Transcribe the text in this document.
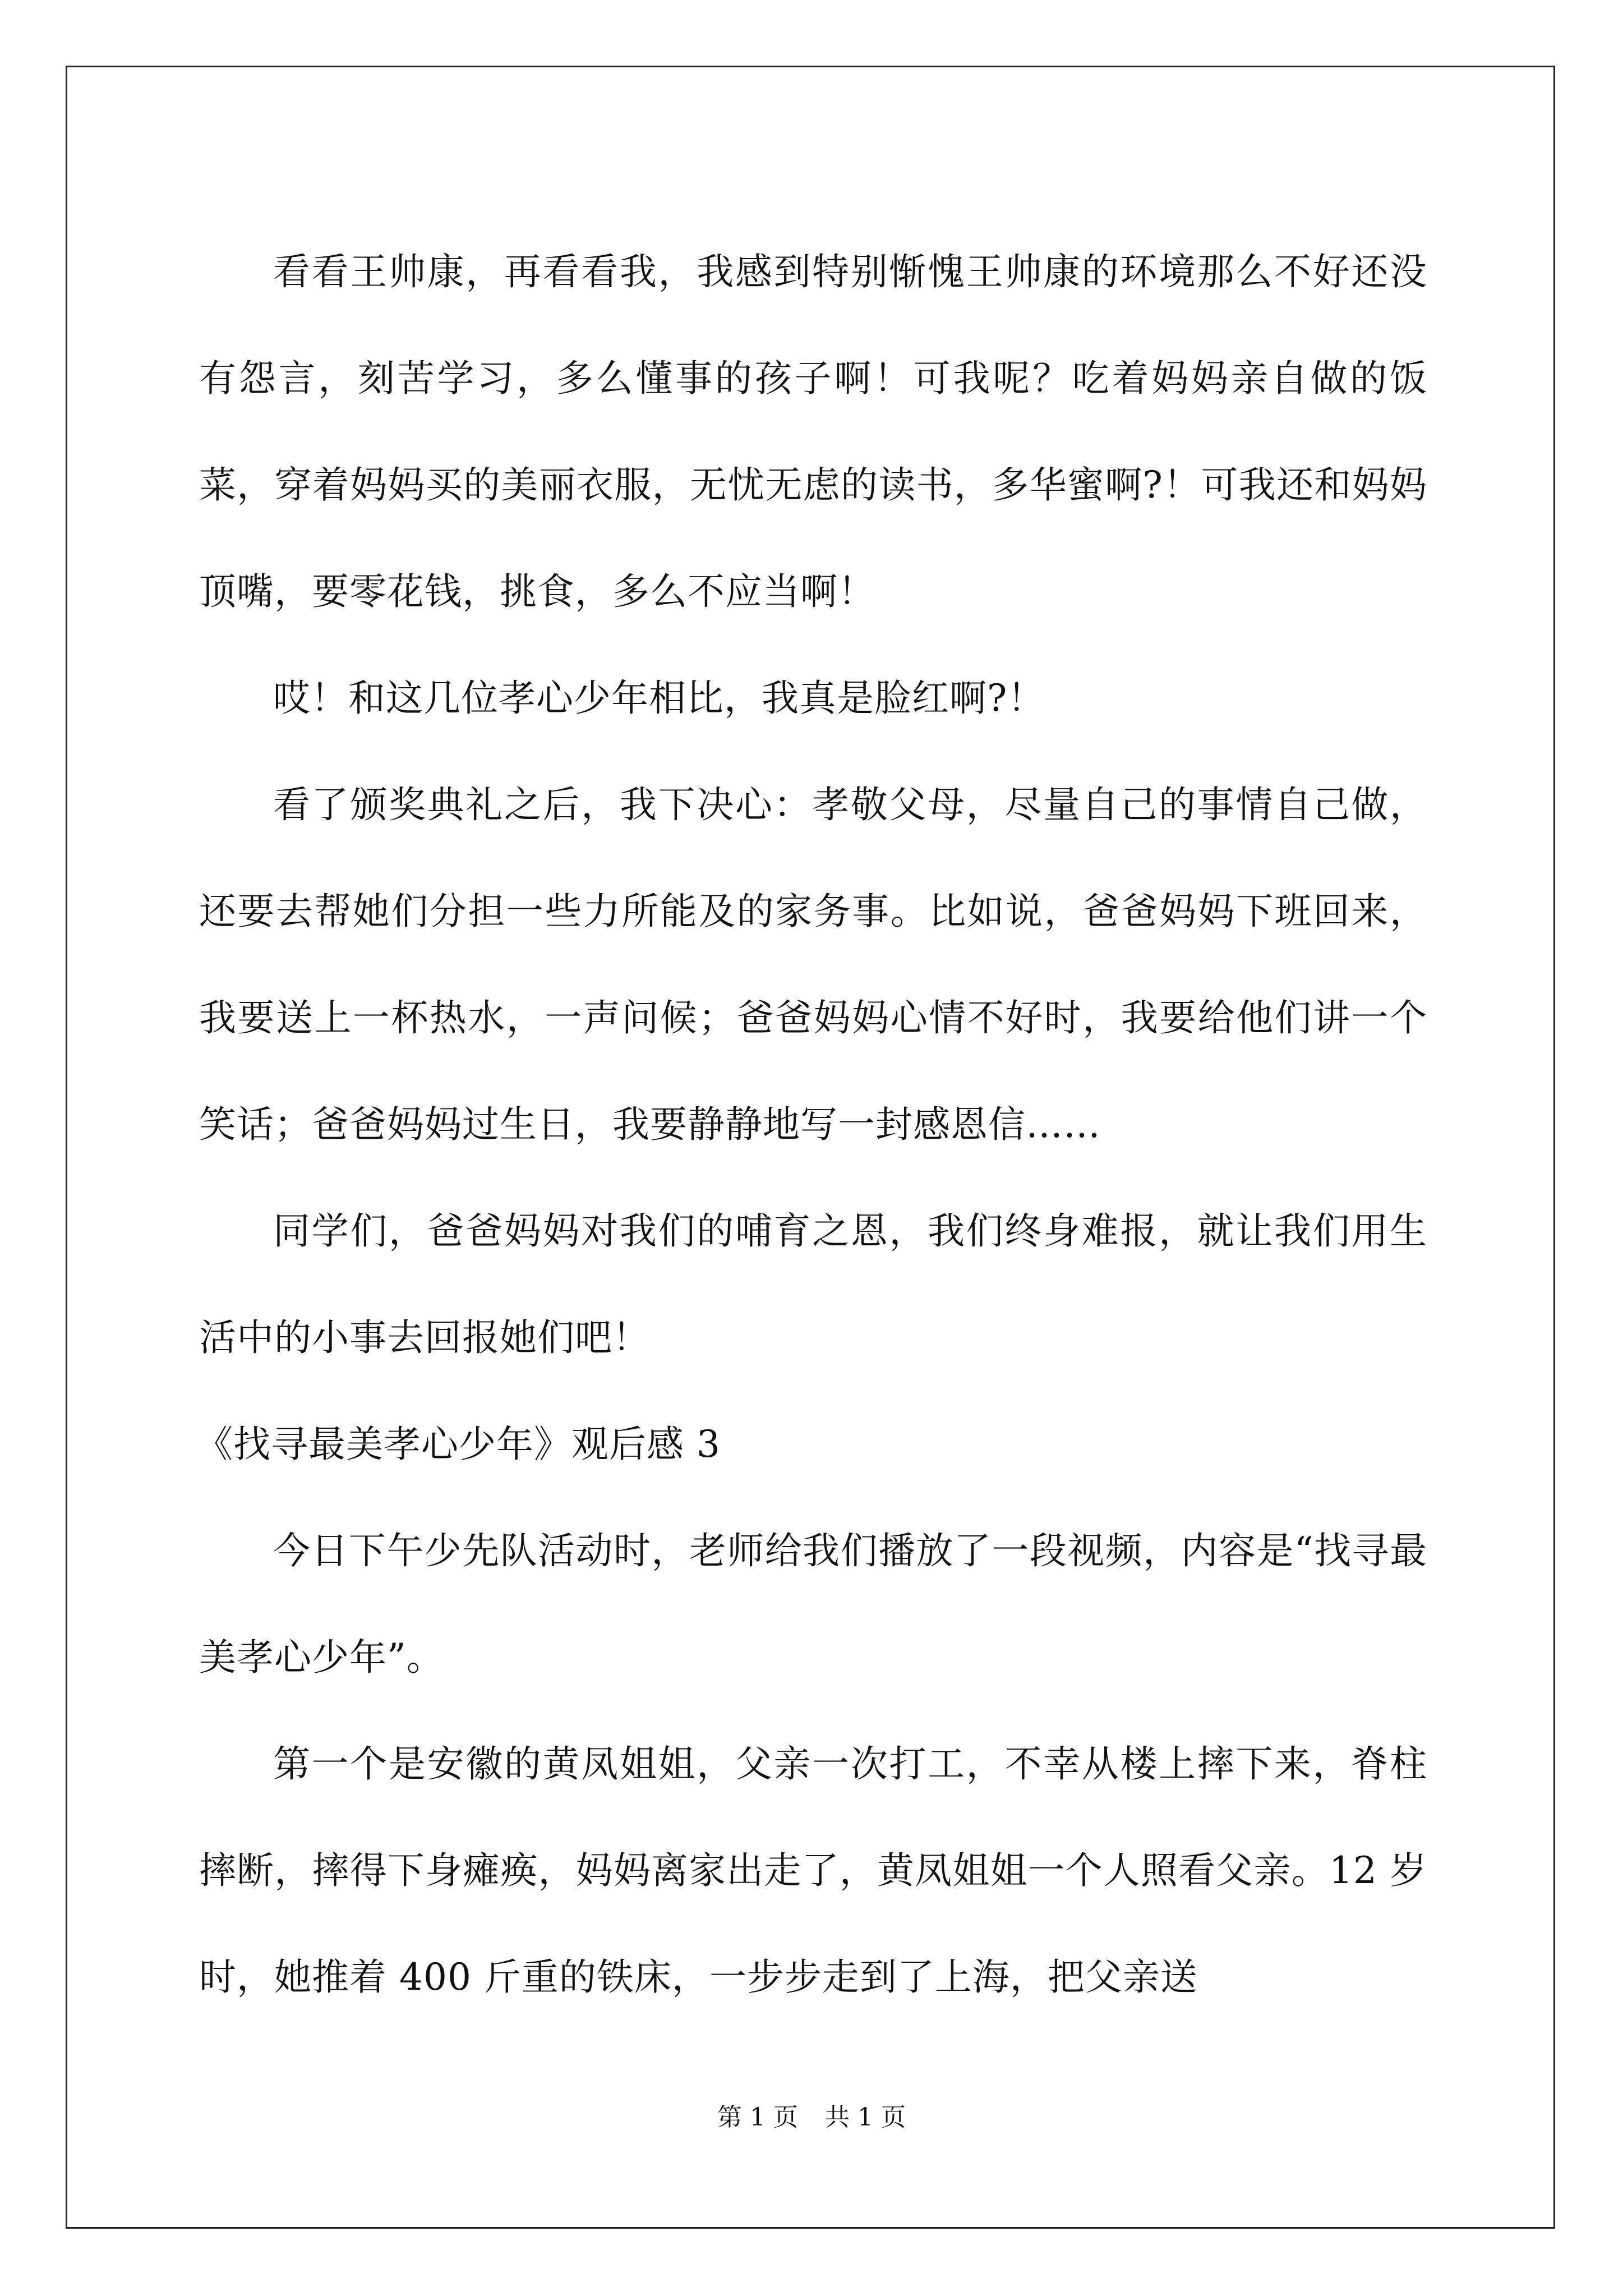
看看王帅康，再看看我，我感到特别惭愧王帅康的环境那么不好还没有怨言，刻苦学习，多么懂事的孩子啊！可我呢？吃着妈妈亲自做的饭菜，穿着妈妈买的美丽衣服，无忧无虑的读书，多华蜜啊?！可我还和妈妈顶嘴，要零花钱，挑食，多么不应当啊！

哎！和这几位孝心少年相比，我真是脸红啊?！

看了颁奖典礼之后，我下决心：孝敬父母，尽量自己的事情自己做，还要去帮她们分担一些力所能及的家务事。比如说，爸爸妈妈下班回来，我要送上一杯热水，一声问候；爸爸妈妈心情不好时，我要给他们讲一个笑话；爸爸妈妈过生日，我要静静地写一封感恩信……

同学们，爸爸妈妈对我们的哺育之恩，我们终身难报，就让我们用生活中的小事去回报她们吧！

《找寻最美孝心少年》观后感 3

今日下午少先队活动时，老师给我们播放了一段视频，内容是“找寻最美孝心少年”。

第一个是安徽的黄凤姐姐，父亲一次打工，不幸从楼上摔下来，脊柱摔断，摔得下身瘫痪，妈妈离家出走了，黄凤姐姐一个人照看父亲。12 岁时，她推着 400 斤重的铁床，一步步走到了上海，把父亲送

第 1 页 共 1 页
